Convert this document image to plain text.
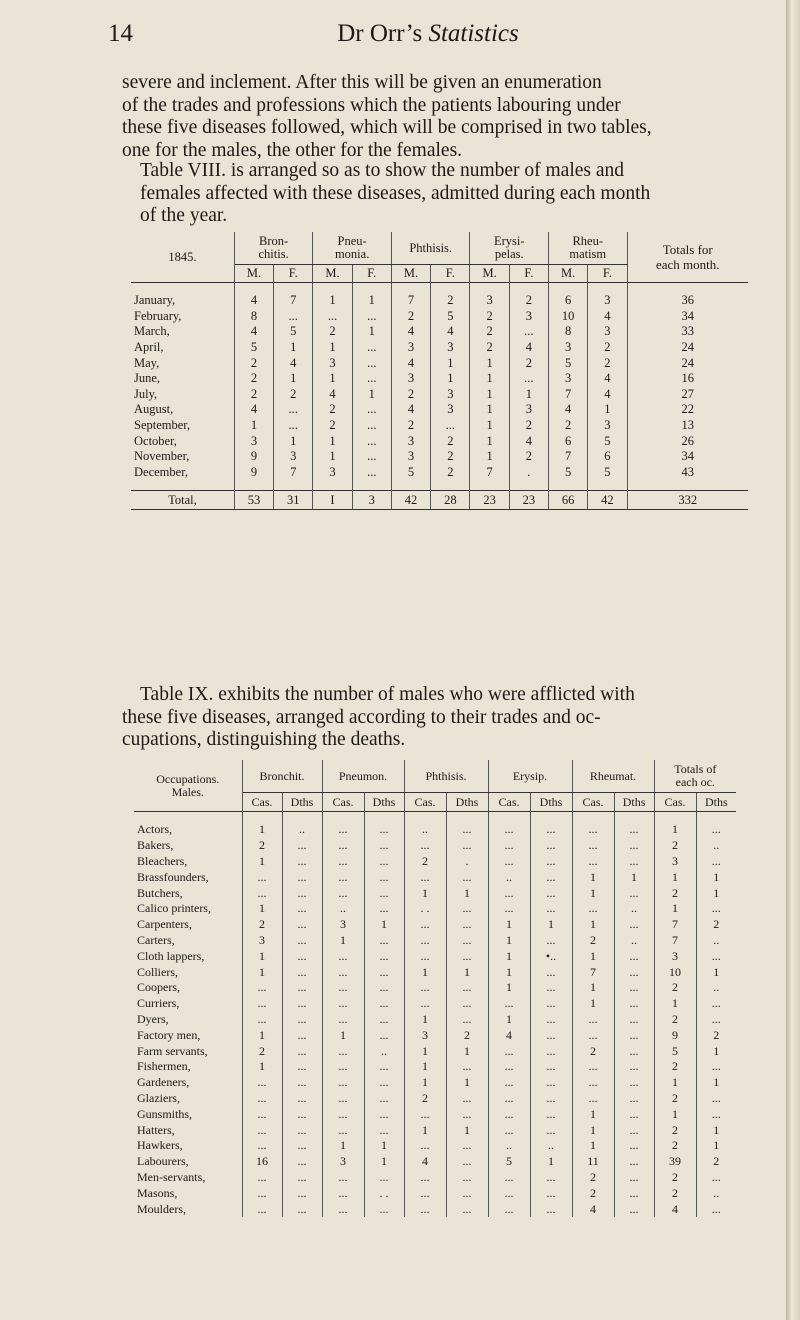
14	Dr Orr’s Statistics

severe and inclement. After this will be given an enumeration
of the trades and professions which the patients labouring under
these five diseases followed, which will be comprised in two tables,
one for the males, the other for the females.

Table VIII. is arranged so as to show the number of males and
females affected with these diseases, admitted during each month
of the year.

1845.	Bron-
chitis.		Pneu-
monia.		Phthisis.		Erysi-
pelas.		Rheu-
matism		Totals for
each month.
	M.	F.	M.	F.	M.	F.	M.	F.	M.	F.	

January,	4	7	1	1	7	2	3	2	6	3	36
February,	8	...	...	...	2	5	2	3	10	4	34
March,	4	5	2	1	4	4	2	...	8	3	33
April,	5	1	1	...	3	3	2	4	3	2	24
May,	2	4	3	...	4	1	1	2	5	2	24
June,	2	1	1	...	3	1	1	...	3	4	16
July,	2	2	4	1	2	3	1	1	7	4	27
August,	4	...	2	...	4	3	1	3	4	1	22
September,	1	...	2	...	2	...	1	2	2	3	13
October,	3	1	1	...	3	2	1	4	6	5	26
November,	9	3	1	...	3	2	1	2	7	6	34
December,	9	7	3	...	5	2	7	.	5	5	43

Total,	53	31	I	3	42	28	23	23	66	42	332

Table IX. exhibits the number of males who were afflicted with
these five diseases, arranged according to their trades and oc-
cupations, distinguishing the deaths.

Occupations.
Males.	Bronchit.		Pneumon.		Phthisis.		Erysip.		Rheumat.		Totals of
each oc.	
	Cas.	Dths	Cas.	Dths	Cas.	Dths	Cas.	Dths	Cas.	Dths	Cas.	Dths

Actors,	1	..	...	...	..	...	...	...	...	...	1	...
Bakers,	2	...	...	...	...	...	...	...	...	...	2	..
Bleachers,	1	...	...	...	2	.	...	...	...	...	3	...
Brassfounders,	...	...	...	...	...	...	..	...	1	1	1	1
Butchers,	...	...	...	...	1	1	...	...	1	...	2	1
Calico printers,	1	...	..	...	. .	...	...	...	...	..	1	...
Carpenters,	2	...	3	1	...	...	1	1	1	...	7	2
Carters,	3	...	1	...	...	...	1	...	2	..	7	..
Cloth lappers,	1	...	...	...	...	...	1	•..	1	...	3	...
Colliers,	1	...	...	...	1	1	1	...	7	...	10	1
Coopers,	...	...	...	...	...	...	1	...	1	...	2	..
Curriers,	...	...	...	...	...	...	...	...	1	...	1	...
Dyers,	...	...	...	...	1	...	1	...	...	...	2	...
Factory men,	1	...	1	...	3	2	4	...	...	...	9	2
Farm servants,	2	...	...	..	1	1	...	...	2	...	5	1
Fishermen,	1	...	...	...	1	...	...	...	...	...	2	...
Gardeners,	...	...	...	...	1	1	...	...	...	...	1	1
Glaziers,	...	...	...	...	2	...	...	...	...	...	2	...
Gunsmiths,	...	...	...	...	...	...	...	...	1	...	1	...
Hatters,	...	...	...	...	1	1	...	...	1	...	2	1
Hawkers,	...	...	1	1	...	...	..	..	1	...	2	1
Labourers,	16	...	3	1	4	...	5	1	11	...	39	2
Men-servants,	...	...	...	...	...	...	...	...	2	...	2	...
Masons,	...	...	...	. .	...	...	...	...	2	...	2	..
Moulders,	...	...	...	...	...	...	...	...	4	...	4	...
